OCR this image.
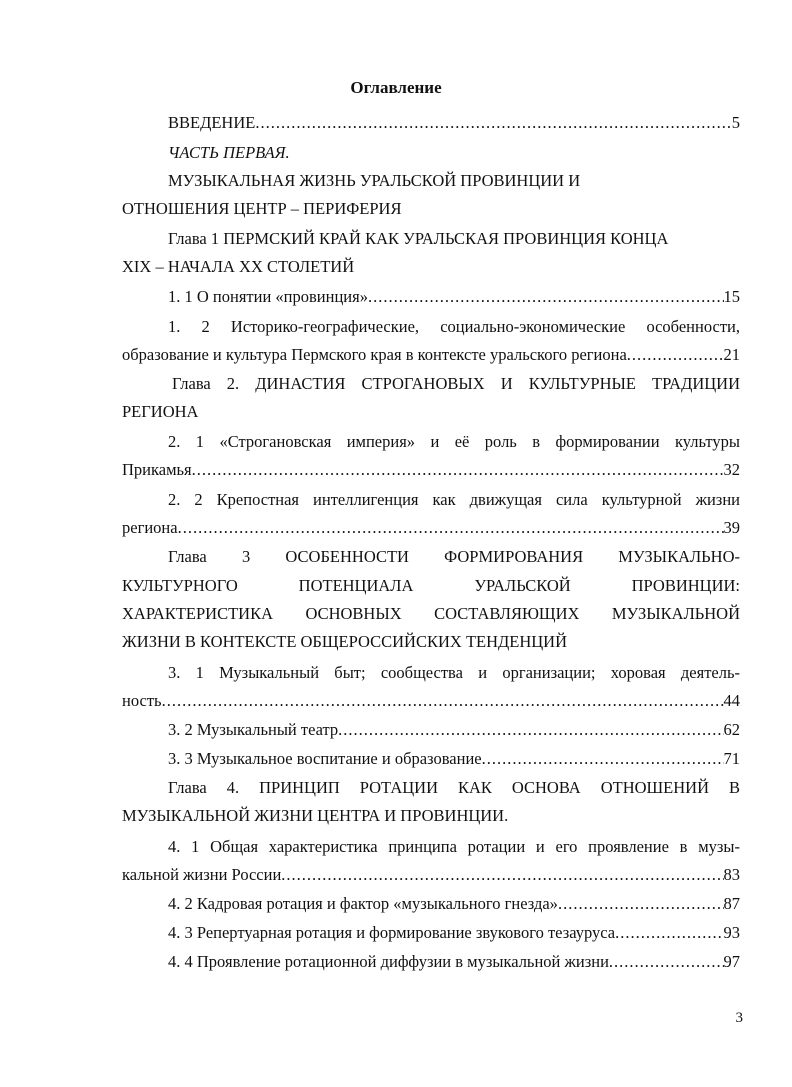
Оглавление
ВВЕДЕНИЕ .....	5
ЧАСТЬ ПЕРВАЯ.
МУЗЫКАЛЬНАЯ ЖИЗНЬ УРАЛЬСКОЙ ПРОВИНЦИИ И
ОТНОШЕНИЯ ЦЕНТР – ПЕРИФЕРИЯ
Глава 1 ПЕРМСКИЙ КРАЙ КАК УРАЛЬСКАЯ ПРОВИНЦИЯ КОНЦА
XIX – НАЧАЛА XX СТОЛЕТИЙ
1. 1 О понятии «провинция» .....	15
1. 2 Историко-географические, социально-экономические особенности,
образование и культура Пермского края в контексте уральского региона .....	21
Глава 2. ДИНАСТИЯ СТРОГАНОВЫХ И КУЛЬТУРНЫЕ ТРАДИЦИИ
РЕГИОНА
2. 1 «Строгановская империя» и её роль в формировании культуры
Прикамья .....	32
2. 2 Крепостная интеллигенция как движущая сила культурной жизни
региона .....	39
Глава 3 ОСОБЕННОСТИ ФОРМИРОВАНИЯ МУЗЫКАЛЬНО-
КУЛЬТУРНОГО ПОТЕНЦИАЛА УРАЛЬСКОЙ ПРОВИНЦИИ:
ХАРАКТЕРИСТИКА ОСНОВНЫХ СОСТАВЛЯЮЩИХ МУЗЫКАЛЬНОЙ
ЖИЗНИ В КОНТЕКСТЕ ОБЩЕРОССИЙСКИХ ТЕНДЕНЦИЙ
3. 1 Музыкальный быт; сообщества и организации; хоровая деятель-
ность .....	44
3. 2 Музыкальный театр .....	62
3. 3 Музыкальное воспитание и образование .....	71
Глава 4. ПРИНЦИП РОТАЦИИ КАК ОСНОВА ОТНОШЕНИЙ В
МУЗЫКАЛЬНОЙ ЖИЗНИ ЦЕНТРА И ПРОВИНЦИИ.
4. 1 Общая характеристика принципа ротации и его проявление в музы-
кальной жизни России .....	83
4. 2 Кадровая ротация и фактор «музыкального гнезда» .....	87
4. 3 Репертуарная ротация и формирование звукового тезауруса .....	93
4. 4 Проявление ротационной диффузии в музыкальной жизни .....	97
3
